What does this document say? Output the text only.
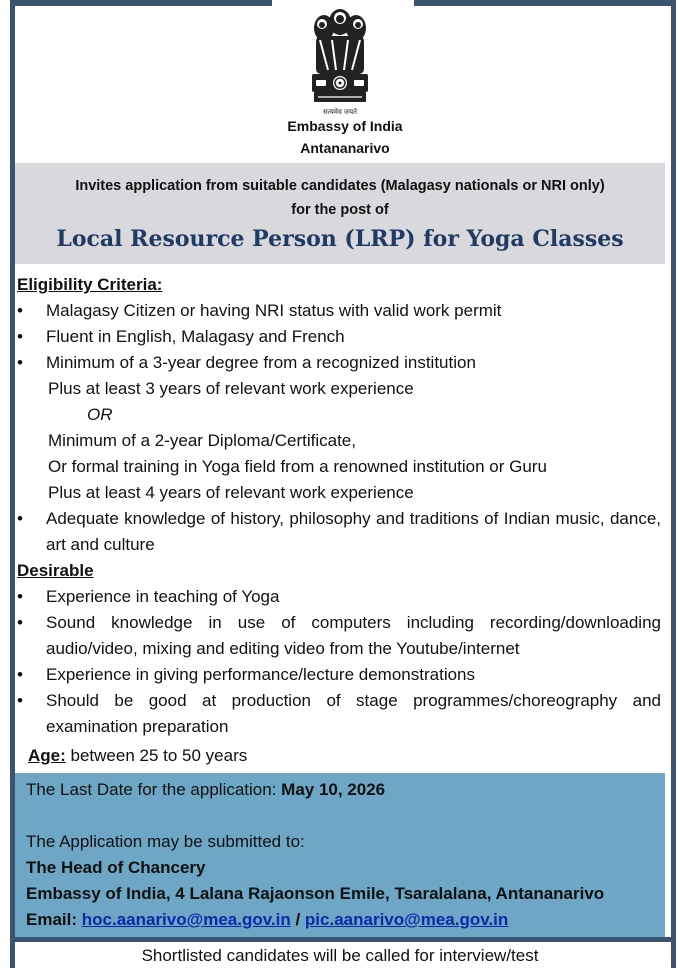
सत्यमेव जयते
Embassy of India
Antananarivo
Invites application from suitable candidates (Malagasy nationals or NRI only)
for the post of
Local Resource Person (LRP) for Yoga Classes
Eligibility Criteria:
• Malagasy Citizen or having NRI status with valid work permit
• Fluent in English, Malagasy and French
• Minimum of a 3-year degree from a recognized institution
Plus at least 3 years of relevant work experience
OR
Minimum of a 2-year Diploma/Certificate,
Or formal training in Yoga field from a renowned institution or Guru
Plus at least 4 years of relevant work experience
• Adequate knowledge of history, philosophy and traditions of Indian music, dance, art and culture
Desirable
• Experience in teaching of Yoga
• Sound knowledge in use of computers including recording/downloading audio/video, mixing and editing video from the Youtube/internet
• Experience in giving performance/lecture demonstrations
• Should be good at production of stage programmes/choreography and examination preparation
Age: between 25 to 50 years
The Last Date for the application: May 10, 2026
The Application may be submitted to:
The Head of Chancery
Embassy of India, 4 Lalana Rajaonson Emile, Tsaralalana, Antananarivo
Email: hoc.aanarivo@mea.gov.in / pic.aanarivo@mea.gov.in
Shortlisted candidates will be called for interview/test
